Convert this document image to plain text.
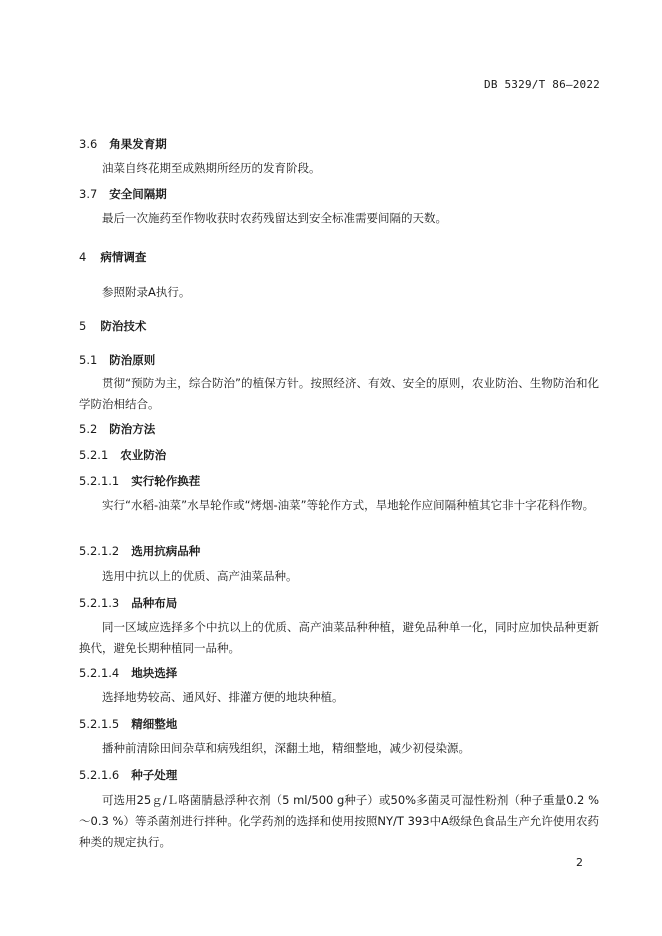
DB 5329/T 86—2022
3.6 角果发育期
油菜自终花期至成熟期所经历的发育阶段。
3.7 安全间隔期
最后一次施药至作物收获时农药残留达到安全标准需要间隔的天数。
4 病情调查
参照附录A执行。
5 防治技术
5.1 防治原则
贯彻“预防为主，综合防治”的植保方针。按照经济、有效、安全的原则，农业防治、生物防治和化学防治相结合。
5.2 防治方法
5.2.1 农业防治
5.2.1.1 实行轮作换茬
实行“水稻-油菜”水旱轮作或“烤烟-油菜”等轮作方式，旱地轮作应间隔种植其它非十字花科作物。
5.2.1.2 选用抗病品种
选用中抗以上的优质、高产油菜品种。
5.2.1.3 品种布局
同一区域应选择多个中抗以上的优质、高产油菜品种种植，避免品种单一化，同时应加快品种更新换代，避免长期种植同一品种。
5.2.1.4 地块选择
选择地势较高、通风好、排灌方便的地块种植。
5.2.1.5 精细整地
播种前清除田间杂草和病残组织，深翻土地，精细整地，减少初侵染源。
5.2.1.6 种子处理
可选用25ｇ/Ｌ咯菌腈悬浮种衣剂（5 ml/500 g种子）或50%多菌灵可湿性粉剂（种子重量0.2 %～0.3 %）等杀菌剂进行拌种。化学药剂的选择和使用按照NY/T 393中A级绿色食品生产允许使用农药种类的规定执行。
2
